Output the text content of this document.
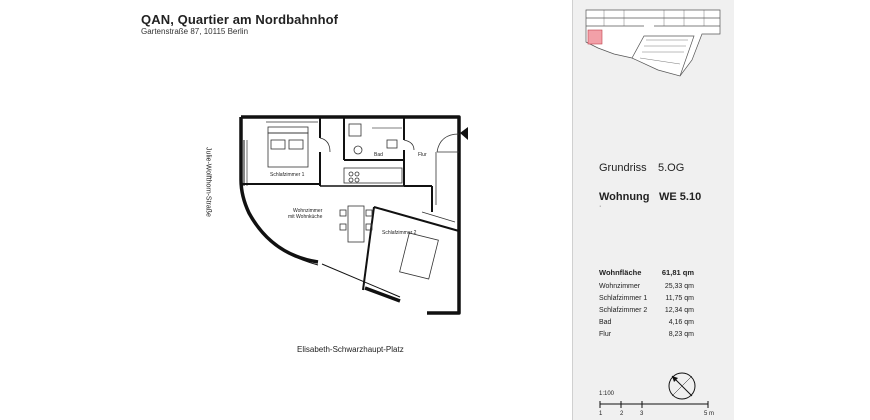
QAN, Quartier am Nordbahnhof
Gartenstraße 87, 10115 Berlin
Julie-Wolfthorn-Straße
Elisabeth-Schwarzhaupt-Platz
Schlafzimmer 1
Bad	Flur
Wohnzimmer
mit Wohnküche
Schlafzimmer 2
Grundriss 5.OG
Wohnung WE 5.10
·
Wohnfläche	61,81 qm
Wohnzimmer	25,33 qm
Schlafzimmer 1	11,75 qm
Schlafzimmer 2	12,34 qm
Bad	4,16 qm
Flur	8,23 qm
1:100
1	2	3	5 m
